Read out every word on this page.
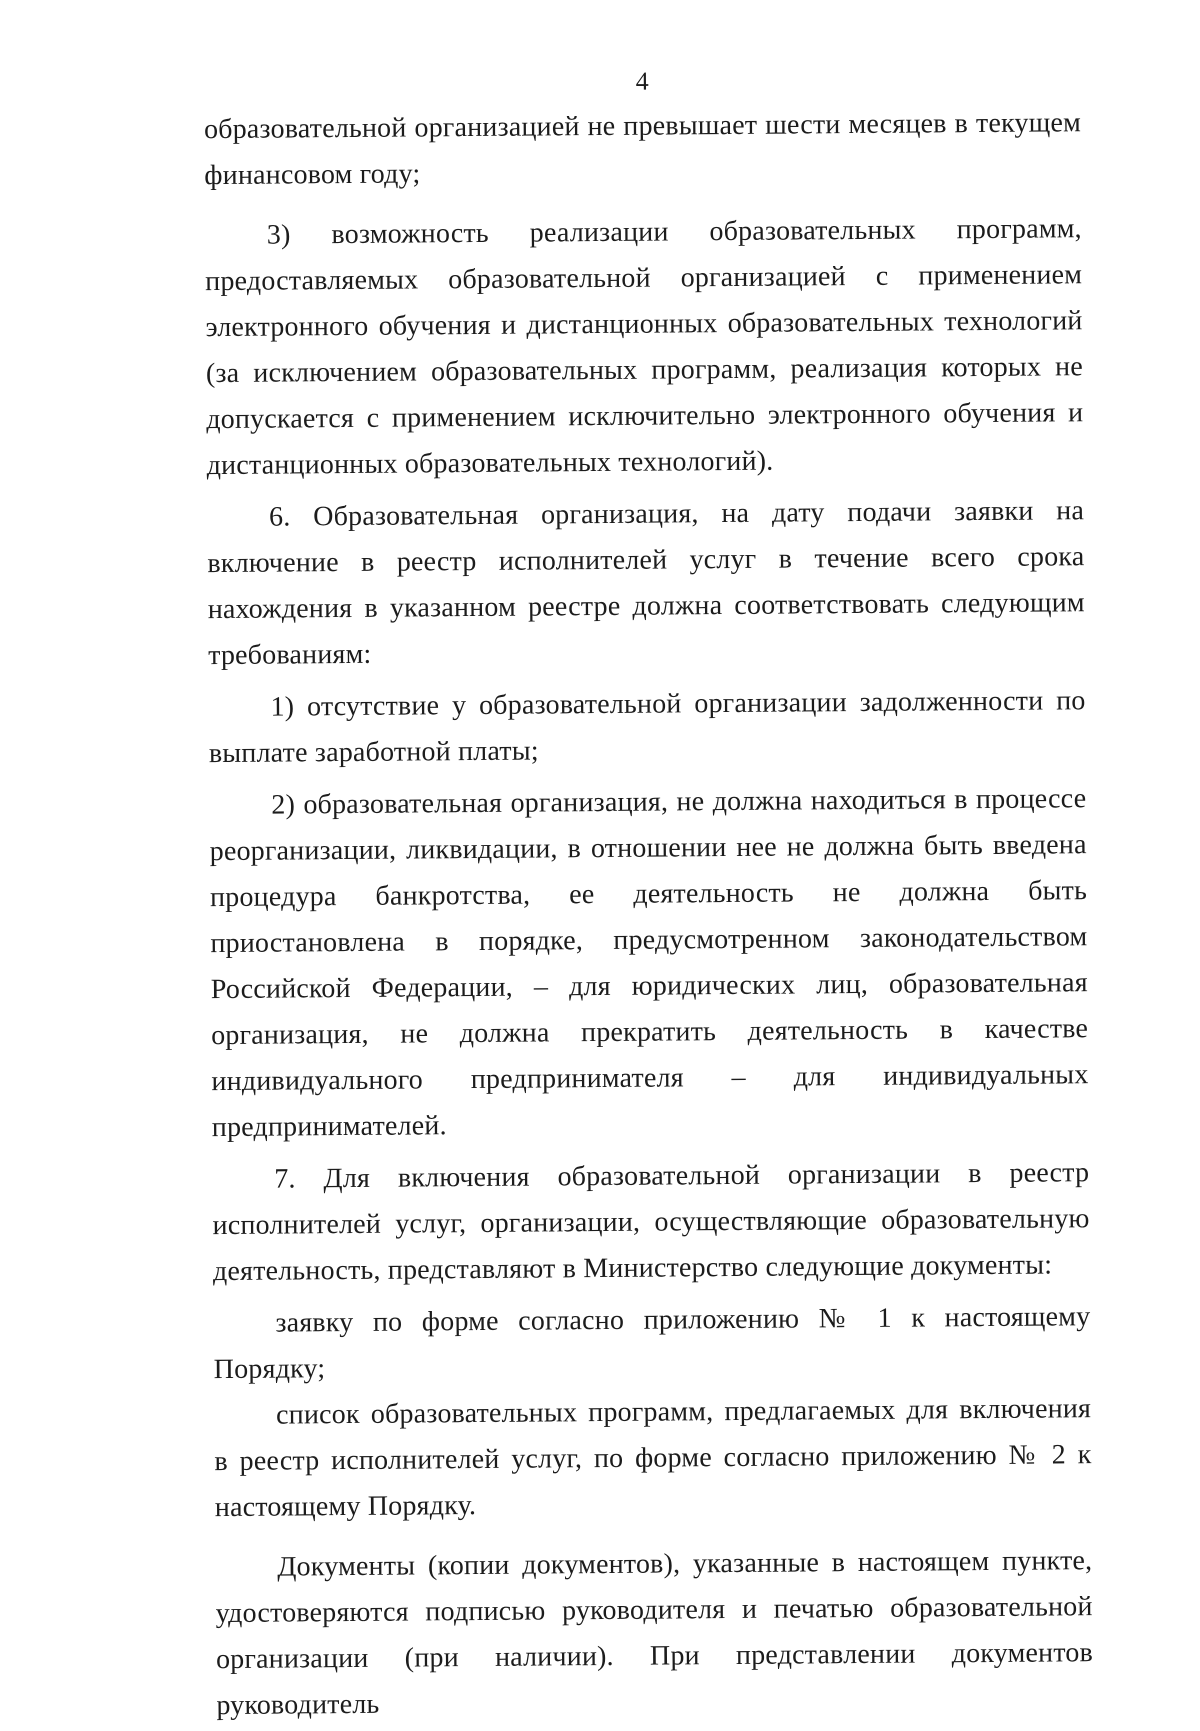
4

образовательной организацией не превышает шести месяцев в текущем финансовом году;

3) возможность реализации образовательных программ, предоставляемых образовательной организацией с применением электронного обучения и дистанционных образовательных технологий (за исключением образовательных программ, реализация которых не допускается с применением исключительно электронного обучения и дистанционных образовательных технологий).

6. Образовательная организация, на дату подачи заявки на включение в реестр исполнителей услуг в течение всего срока нахождения в указанном реестре должна соответствовать следующим требованиям:

1) отсутствие у образовательной организации задолженности по выплате заработной платы;

2) образовательная организация, не должна находиться в процессе реорганизации, ликвидации, в отношении нее не должна быть введена процедура банкротства, ее деятельность не должна быть приостановлена в порядке, предусмотренном законодательством Российской Федерации, – для юридических лиц, образовательная организация, не должна прекратить деятельность в качестве индивидуального предпринимателя – для индивидуальных предпринимателей.

7. Для включения образовательной организации в реестр исполнителей услуг, организации, осуществляющие образовательную деятельность, представляют в Министерство следующие документы:

заявку по форме согласно приложению № 1 к настоящему Порядку;

список образовательных программ, предлагаемых для включения в реестр исполнителей услуг, по форме согласно приложению № 2 к настоящему Порядку.

Документы (копии документов), указанные в настоящем пункте, удостоверяются подписью руководителя и печатью образовательной организации (при наличии). При представлении документов руководитель
